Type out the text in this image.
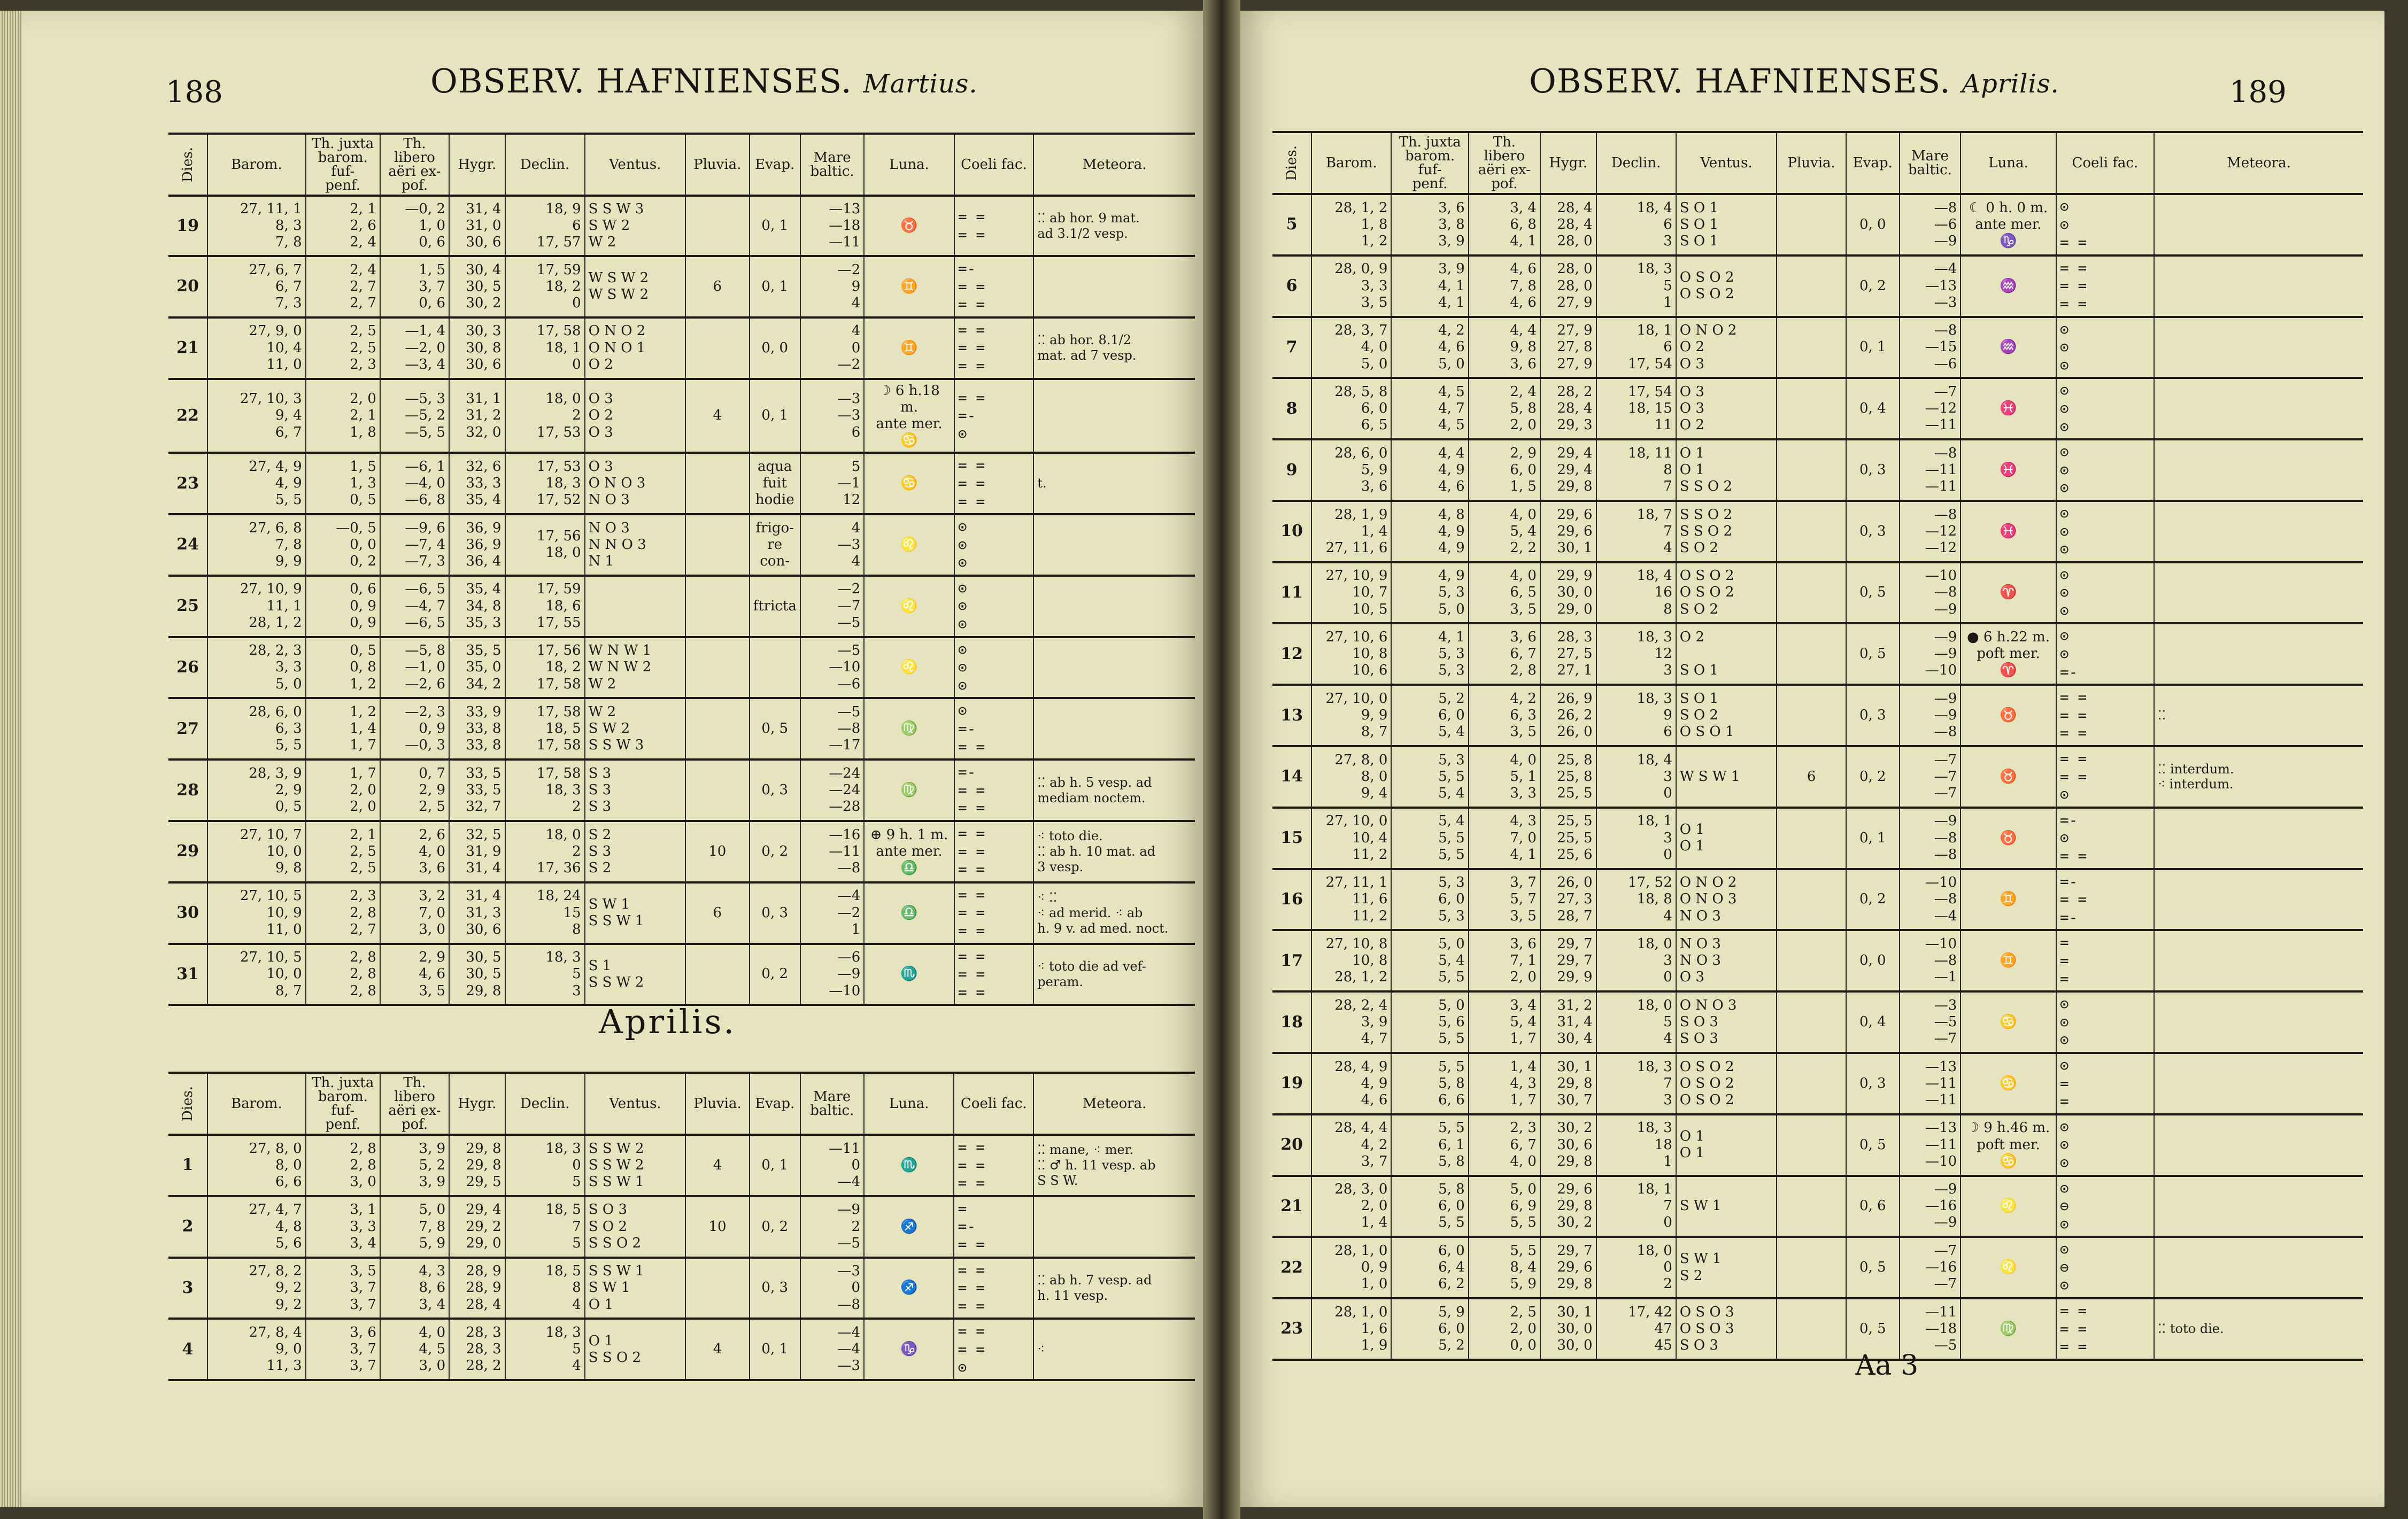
188	OBSERV. HAFNIENSES. Martius.
Dies.	Barom.	Th. juxta
barom. fuf-
penf.	Th. libero
aëri ex-
pof.	Hygr.	Declin.	Ventus.	Pluvia.	Evap.	Mare
baltic.	Luna.	Coeli fac.	Meteora.
19	27, 11, 1
8, 3
7, 8	2, 1
2, 6
2, 4	—0, 2
1, 0
0, 6	31, 4
31, 0
30, 6	18, 9
6
17, 57	S S W 3
S W 2
W 2		0, 1	—13
—18
—11	♉	= =
= =	⁚⁚ ab hor. 9 mat.
ad 3.1/2 vesp.
20	27, 6, 7
6, 7
7, 3	2, 4
2, 7
2, 7	1, 5
3, 7
0, 6	30, 4
30, 5
30, 2	17, 59
18, 2
0	W S W 2
W S W 2	6	0, 1	—2
9
4	♊	=-
= =
= =	
21	27, 9, 0
10, 4
11, 0	2, 5
2, 5
2, 3	—1, 4
—2, 0
—3, 4	30, 3
30, 8
30, 6	17, 58
18, 1
0	O N O 2
O N O 1
O 2		0, 0	4
0
—2	♊	= =
= =
= =	⁚⁚ ab hor. 8.1/2
mat. ad 7 vesp.
22	27, 10, 3
9, 4
6, 7	2, 0
2, 1
1, 8	—5, 3
—5, 2
—5, 5	31, 1
31, 2
32, 0	18, 0
2
17, 53	O 3
O 2
O 3	4	0, 1	—3
—3
6	☽ 6 h.18 m.
ante mer.
♋	= =
=-
⊙	
23	27, 4, 9
4, 9
5, 5	1, 5
1, 3
0, 5	—6, 1
—4, 0
—6, 8	32, 6
33, 3
35, 4	17, 53
18, 3
17, 52	O 3
O N O 3
N O 3		aqua
fuit
hodie	5
—1
12	♋	= =
= =
= =	t.
24	27, 6, 8
7, 8
9, 9	—0, 5
0, 0
0, 2	—9, 6
—7, 4
—7, 3	36, 9
36, 9
36, 4	17, 56
18, 0	N O 3
N N O 3
N 1		frigo-
re
con-	4
—3
4	♌	⊙
⊙
⊙	
25	27, 10, 9
11, 1
28, 1, 2	0, 6
0, 9
0, 9	—6, 5
—4, 7
—6, 5	35, 4
34, 8
35, 3	17, 59
18, 6
17, 55			ftricta	—2
—7
—5	♌	⊙
⊙
⊙	
26	28, 2, 3
3, 3
5, 0	0, 5
0, 8
1, 2	—5, 8
—1, 0
—2, 6	35, 5
35, 0
34, 2	17, 56
18, 2
17, 58	W N W 1
W N W 2
W 2			—5
—10
—6	♌	⊙
⊙
⊙	
27	28, 6, 0
6, 3
5, 5	1, 2
1, 4
1, 7	—2, 3
0, 9
—0, 3	33, 9
33, 8
33, 8	17, 58
18, 5
17, 58	W 2
S W 2
S S W 3		0, 5	—5
—8
—17	♍	⊙
=-
= =	
28	28, 3, 9
2, 9
0, 5	1, 7
2, 0
2, 0	0, 7
2, 9
2, 5	33, 5
33, 5
32, 7	17, 58
18, 3
2	S 3
S 3
S 3		0, 3	—24
—24
—28	♍	=-
= =
= =	⁚⁚ ab h. 5 vesp. ad
mediam noctem.
29	27, 10, 7
10, 0
9, 8	2, 1
2, 5
2, 5	2, 6
4, 0
3, 6	32, 5
31, 9
31, 4	18, 0
2
17, 36	S 2
S 3
S 2	10	0, 2	—16
—11
—8	⊕ 9 h. 1 m.
ante mer.
♎	= =
= =
= =	⁖ toto die.
⁚⁚ ab h. 10 mat. ad
3 vesp.
30	27, 10, 5
10, 9
11, 0	2, 3
2, 8
2, 7	3, 2
7, 0
3, 0	31, 4
31, 3
30, 6	18, 24
15
8	S W 1
S S W 1	6	0, 3	—4
—2
1	♎	= =
= =
= =	⁖ ⁚⁚
⁖ ad merid. ⁖ ab
h. 9 v. ad med. noct.
31	27, 10, 5
10, 0
8, 7	2, 8
2, 8
2, 8	2, 9
4, 6
3, 5	30, 5
30, 5
29, 8	18, 3
5
3	S 1
S S W 2		0, 2	—6
—9
—10	♏	= =
= =
= =	⁖ toto die ad vef-
peram.
Aprilis.
Dies.	Barom.	Th. juxta
barom. fuf-
penf.	Th. libero
aëri ex-
pof.	Hygr.	Declin.	Ventus.	Pluvia.	Evap.	Mare
baltic.	Luna.	Coeli fac.	Meteora.
1	27, 8, 0
8, 0
6, 6	2, 8
2, 8
3, 0	3, 9
5, 2
3, 9	29, 8
29, 8
29, 5	18, 3
0
5	S S W 2
S S W 2
S S W 1	4	0, 1	—11
0
—4	♏	= =
= =
= =	⁚⁚ mane, ⁖ mer.
⁚⁚ ♂ h. 11 vesp. ab
S S W.
2	27, 4, 7
4, 8
5, 6	3, 1
3, 3
3, 4	5, 0
7, 8
5, 9	29, 4
29, 2
29, 0	18, 5
7
5	S O 3
S O 2
S S O 2	10	0, 2	—9
2
—5	♐	=
=-
= =	
3	27, 8, 2
9, 2
9, 2	3, 5
3, 7
3, 7	4, 3
8, 6
3, 4	28, 9
28, 9
28, 4	18, 5
8
4	S S W 1
S W 1
O 1		0, 3	—3
0
—8	♐	= =
= =
= =	⁚⁚ ab h. 7 vesp. ad
h. 11 vesp.
4	27, 8, 4
9, 0
11, 3	3, 6
3, 7
3, 7	4, 0
4, 5
3, 0	28, 3
28, 3
28, 2	18, 3
5
4	O 1
S S O 2	4	0, 1	—4
—4
—3	♑	= =
= =
⊙	⁖
OBSERV. HAFNIENSES. Aprilis.	189
Dies.	Barom.	Th. juxta
barom. fuf-
penf.	Th. libero
aëri ex-
pof.	Hygr.	Declin.	Ventus.	Pluvia.	Evap.	Mare
baltic.	Luna.	Coeli fac.	Meteora.
5	28, 1, 2
1, 8
1, 2	3, 6
3, 8
3, 9	3, 4
6, 8
4, 1	28, 4
28, 4
28, 0	18, 4
6
3	S O 1
S O 1
S O 1		0, 0	—8
—6
—9	☾ 0 h. 0 m.
ante mer.
♑	⊙
⊙
= =	
6	28, 0, 9
3, 3
3, 5	3, 9
4, 1
4, 1	4, 6
7, 8
4, 6	28, 0
28, 0
27, 9	18, 3
5
1	O S O 2
O S O 2		0, 2	—4
—13
—3	♒	= =
= =
= =	
7	28, 3, 7
4, 0
5, 0	4, 2
4, 6
5, 0	4, 4
9, 8
3, 6	27, 9
27, 8
27, 9	18, 1
6
17, 54	O N O 2
O 2
O 3		0, 1	—8
—15
—6	♒	⊙
⊙
⊙	
8	28, 5, 8
6, 0
6, 5	4, 5
4, 7
4, 5	2, 4
5, 8
2, 0	28, 2
28, 4
29, 3	17, 54
18, 15
11	O 3
O 3
O 2		0, 4	—7
—12
—11	♓	⊙
⊙
⊙	
9	28, 6, 0
5, 9
3, 6	4, 4
4, 9
4, 6	2, 9
6, 0
1, 5	29, 4
29, 4
29, 8	18, 11
8
7	O 1
O 1
S S O 2		0, 3	—8
—11
—11	♓	⊙
⊙
⊙	
10	28, 1, 9
1, 4
27, 11, 6	4, 8
4, 9
4, 9	4, 0
5, 4
2, 2	29, 6
29, 6
30, 1	18, 7
7
4	S S O 2
S S O 2
S O 2		0, 3	—8
—12
—12	♓	⊙
⊙
⊙	
11	27, 10, 9
10, 7
10, 5	4, 9
5, 3
5, 0	4, 0
6, 5
3, 5	29, 9
30, 0
29, 0	18, 4
16
8	O S O 2
O S O 2
S O 2		0, 5	—10
—8
—9	♈	⊙
⊙
⊙	
12	27, 10, 6
10, 8
10, 6	4, 1
5, 3
5, 3	3, 6
6, 7
2, 8	28, 3
27, 5
27, 1	18, 3
12
3	O 2

S O 1		0, 5	—9
—9
—10	● 6 h.22 m.
poft mer.
♈	⊙
⊙
=-	
13	27, 10, 0
9, 9
8, 7	5, 2
6, 0
5, 4	4, 2
6, 3
3, 5	26, 9
26, 2
26, 0	18, 3
9
6	S O 1
S O 2
O S O 1		0, 3	—9
—9
—8	♉	= =
= =
= =	⁚⁚
14	27, 8, 0
8, 0
9, 4	5, 3
5, 5
5, 4	4, 0
5, 1
3, 3	25, 8
25, 8
25, 5	18, 4
3
0	W S W 1	6	0, 2	—7
—7
—7	♉	= =
= =
⊙	⁚⁚ interdum.
⁖ interdum.
15	27, 10, 0
10, 4
11, 2	5, 4
5, 5
5, 5	4, 3
7, 0
4, 1	25, 5
25, 5
25, 6	18, 1
3
0	O 1
O 1		0, 1	—9
—8
—8	♉	=-
⊙
= =	
16	27, 11, 1
11, 6
11, 2	5, 3
6, 0
5, 3	3, 7
5, 7
3, 5	26, 0
27, 3
28, 7	17, 52
18, 8
4	O N O 2
O N O 3
N O 3		0, 2	—10
—8
—4	♊	=-
= =
=-	
17	27, 10, 8
10, 8
28, 1, 2	5, 0
5, 4
5, 5	3, 6
7, 1
2, 0	29, 7
29, 7
29, 9	18, 0
3
0	N O 3
N O 3
O 3		0, 0	—10
—8
—1	♊	=
=
=	
18	28, 2, 4
3, 9
4, 7	5, 0
5, 6
5, 5	3, 4
5, 4
1, 7	31, 2
31, 4
30, 4	18, 0
5
4	O N O 3
S O 3
S O 3		0, 4	—3
—5
—7	♋	⊙
⊙
⊙	
19	28, 4, 9
4, 9
4, 6	5, 5
5, 8
6, 6	1, 4
4, 3
1, 7	30, 1
29, 8
30, 7	18, 3
7
3	O S O 2
O S O 2
O S O 2		0, 3	—13
—11
—11	♋	⊙
=
=	
20	28, 4, 4
4, 2
3, 7	5, 5
6, 1
5, 8	2, 3
6, 7
4, 0	30, 2
30, 6
29, 8	18, 3
18
1	O 1
O 1		0, 5	—13
—11
—10	☽ 9 h.46 m.
poft mer.
♋	⊙
⊙
⊙	
21	28, 3, 0
2, 0
1, 4	5, 8
6, 0
5, 5	5, 0
6, 9
5, 5	29, 6
29, 8
30, 2	18, 1
7
0	S W 1		0, 6	—9
—16
—9	♌	⊙
⊖
⊙	
22	28, 1, 0
0, 9
1, 0	6, 0
6, 4
6, 2	5, 5
8, 4
5, 9	29, 7
29, 6
29, 8	18, 0
0
2	S W 1
S 2		0, 5	—7
—16
—7	♌	⊙
⊖
⊙	
23	28, 1, 0
1, 6
1, 9	5, 9
6, 0
5, 2	2, 5
2, 0
0, 0	30, 1
30, 0
30, 0	17, 42
47
45	O S O 3
O S O 3
S O 3		0, 5	—11
—18
—5	♍	= =
= =
= =	⁚⁚ toto die.
Aa 3
